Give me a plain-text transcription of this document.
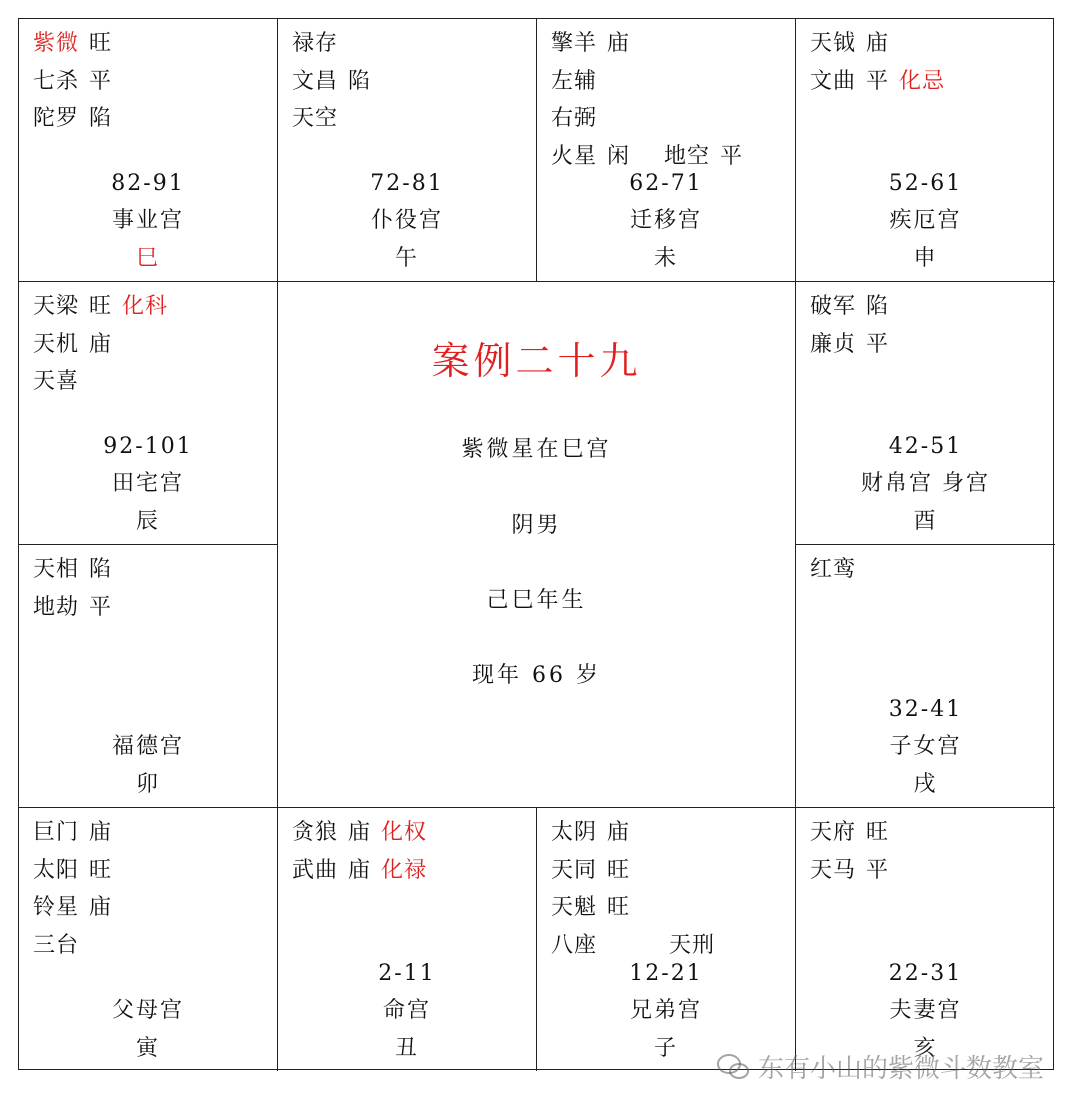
紫微 旺
七杀 平
陀罗 陷
82-91
事业宫
巳
禄存
文昌 陷
天空
72-81
仆役宫
午
擎羊 庙
左辅
右弼
火星 闲 地空 平
62-71
迁移宫
未
天钺 庙
文曲 平 化忌
52-61
疾厄宫
申
天梁 旺 化科
天机 庙
天喜
92-101
田宅宫
辰
案例二十九
紫微星在巳宫
阴男
己巳年生
现年 66 岁
破军 陷
廉贞 平
42-51
财帛宫 身宫
酉
天相 陷
地劫 平
福德宫
卯
红鸾
32-41
子女宫
戌
巨门 庙
太阳 旺
铃星 庙
三台
父母宫
寅
贪狼 庙 化权
武曲 庙 化禄
2-11
命宫
丑
太阴 庙
天同 旺
天魁 旺
八座	天刑
12-21
兄弟宫
子
天府 旺
天马 平
22-31
夫妻宫
亥
东有小山的紫微斗数教室
